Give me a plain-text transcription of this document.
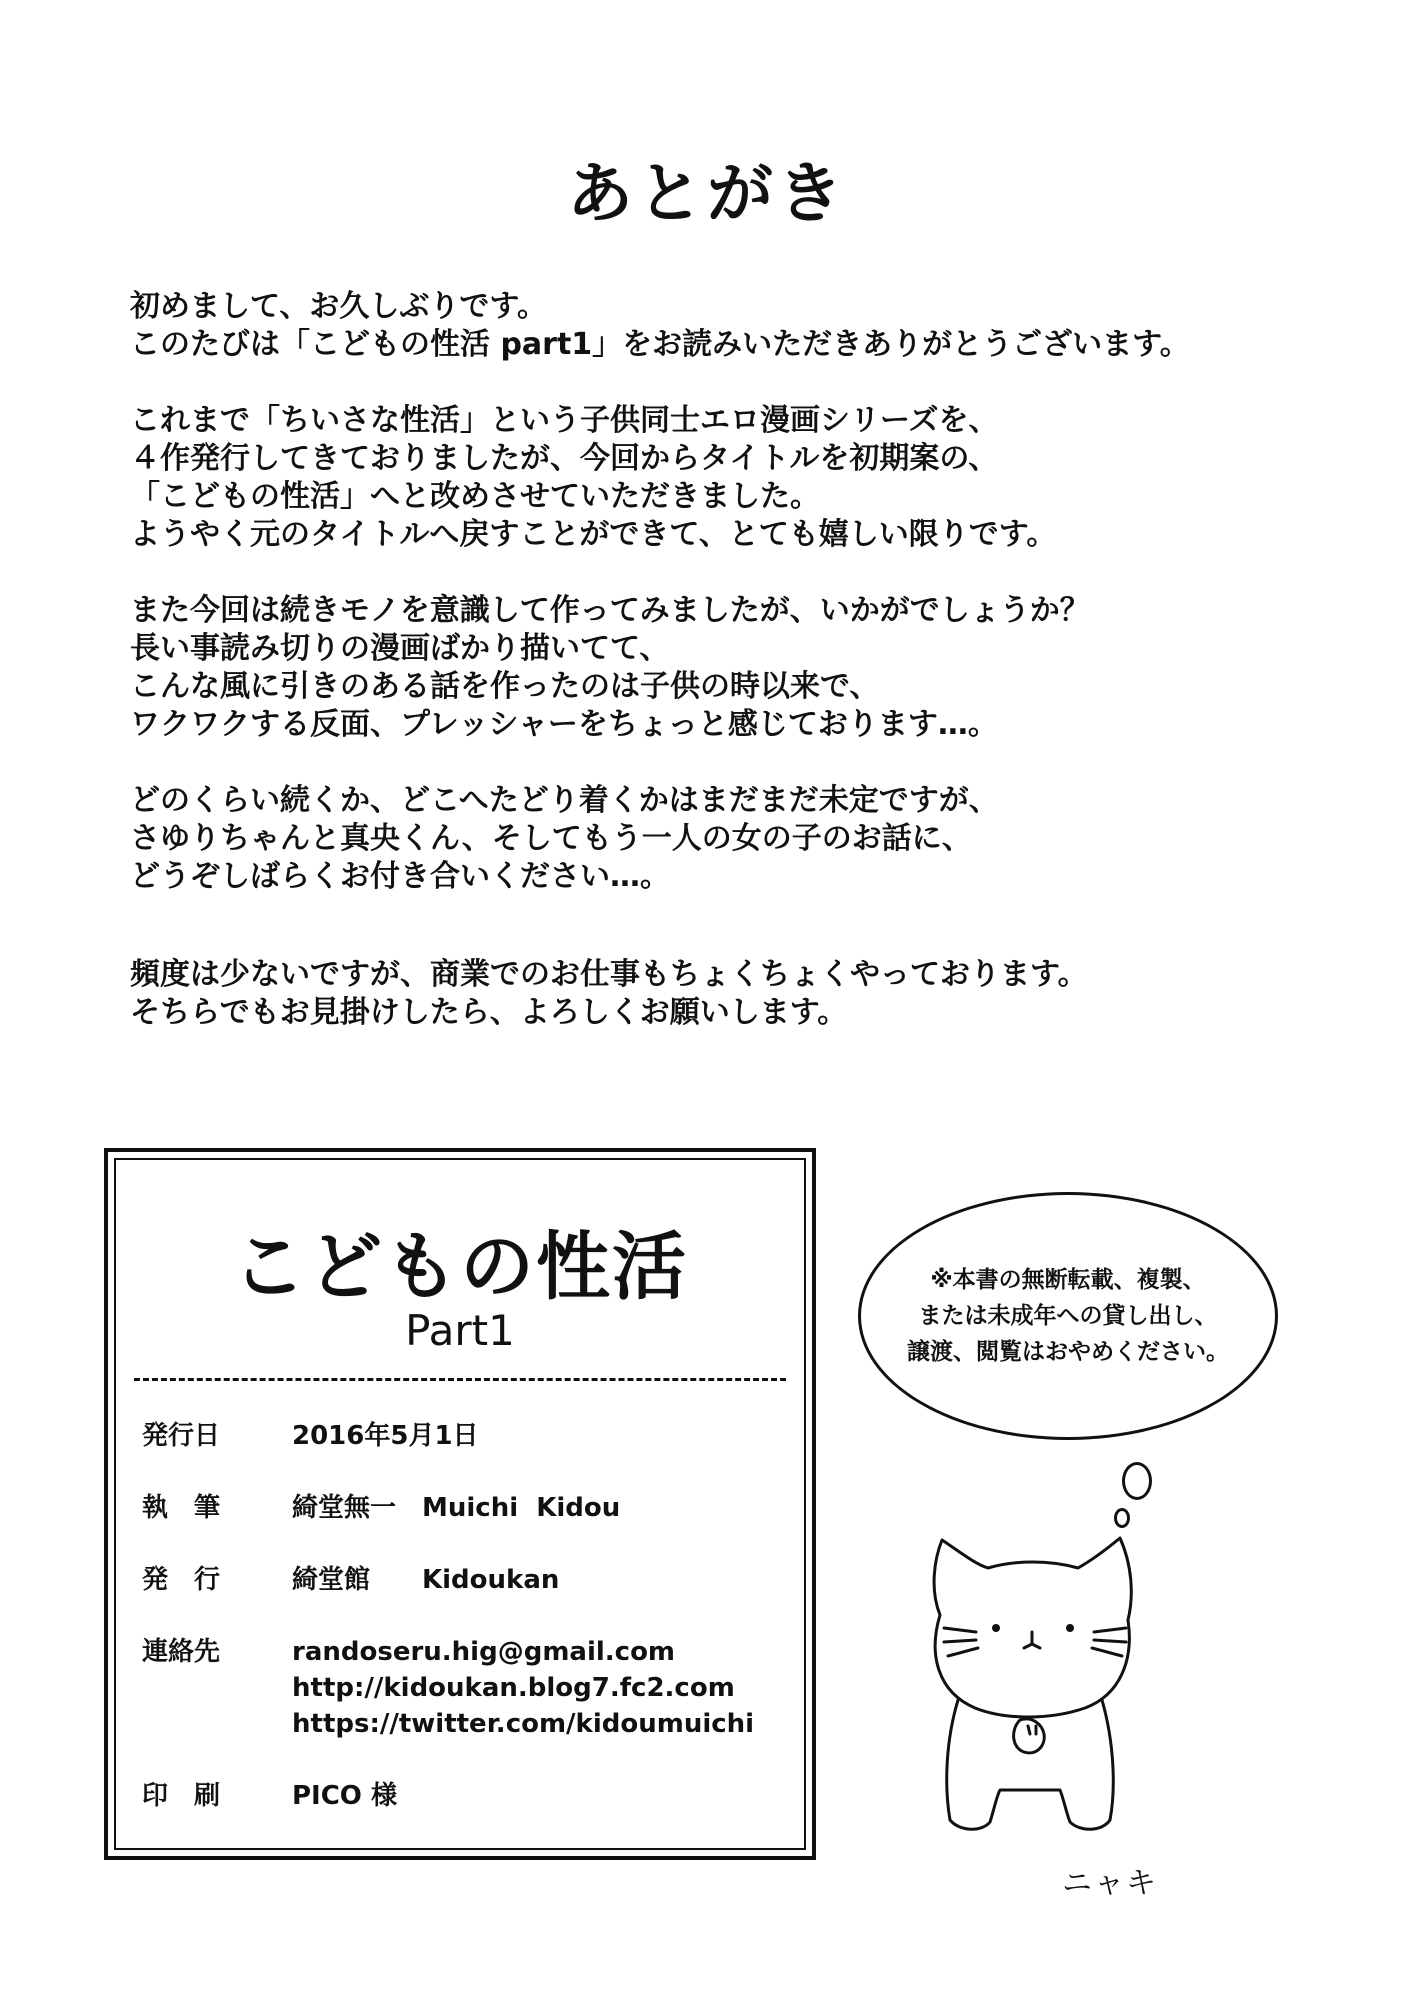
あとがき
初めまして、お久しぶりです。
このたびは「こどもの性活 part1」をお読みいただきありがとうございます。
これまで「ちいさな性活」という子供同士エロ漫画シリーズを、
４作発行してきておりましたが、今回からタイトルを初期案の、
「こどもの性活」へと改めさせていただきました。
ようやく元のタイトルへ戻すことができて、とても嬉しい限りです。
また今回は続きモノを意識して作ってみましたが、いかがでしょうか？
長い事読み切りの漫画ばかり描いてて、
こんな風に引きのある話を作ったのは子供の時以来で、
ワクワクする反面、プレッシャーをちょっと感じております…。
どのくらい続くか、どこへたどり着くかはまだまだ未定ですが、
さゆりちゃんと真央くん、そしてもう一人の女の子のお話に、
どうぞしばらくお付き合いください…。
頻度は少ないですが、商業でのお仕事もちょくちょくやっております。
そちらでもお見掛けしたら、よろしくお願いします。
こどもの性活
Part1
発行日	2016年5月1日
執　筆	綺堂無一　Muichi  Kidou
発　行	綺堂館　　Kidoukan
連絡先	randoseru.hig@gmail.com
http://kidoukan.blog7.fc2.com
https://twitter.com/kidoumuichi
印　刷	PICO 様
※本書の無断転載、複製、
または未成年への貸し出し、
譲渡、閲覧はおやめください。
ニャキ
